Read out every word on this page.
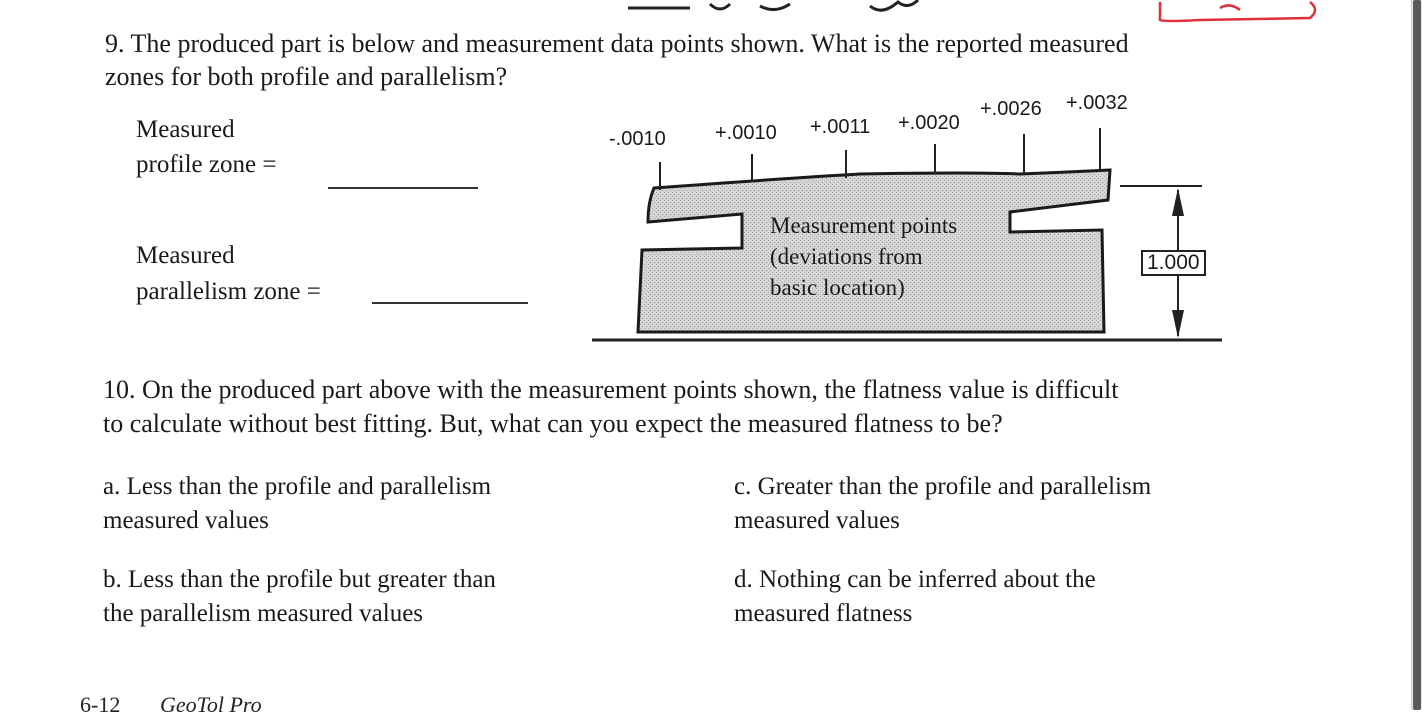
9. The produced part is below and measurement data points shown. What is the reported measured
zones for both profile and parallelism?
Measured
profile zone =
Measured
parallelism zone =
-.0010 +.0010 +.0011 +.0020
+.0026 +.0032
Measurement points
(deviations from
basic location)
1.000
10. On the produced part above with the measurement points shown, the flatness value is difficult
to calculate without best fitting. But, what can you expect the measured flatness to be?
a. Less than the profile and parallelism
measured values
b. Less than the profile but greater than
the parallelism measured values
c. Greater than the profile and parallelism
measured values
d. Nothing can be inferred about the
measured flatness
6-12 GeoTol Pro
